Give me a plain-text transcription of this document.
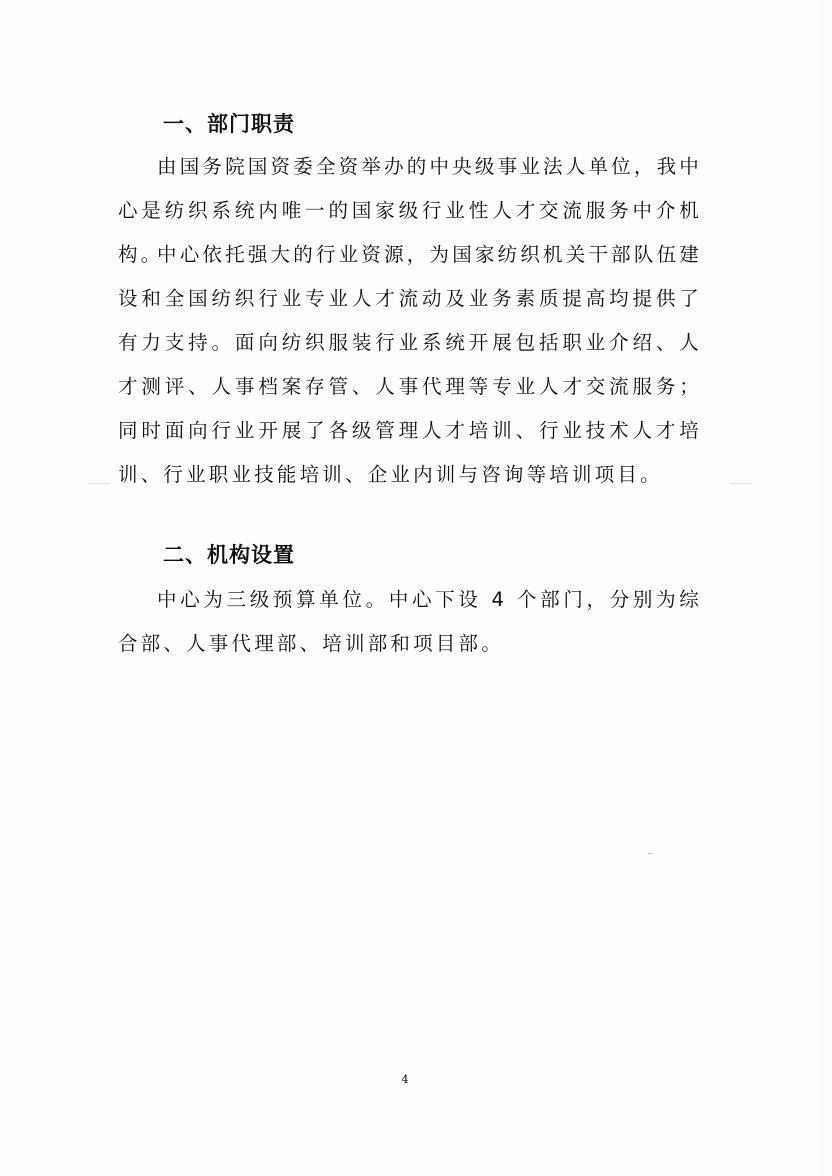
一、部门职责

由国务院国资委全资举办的中央级事业法人单位，我中心是纺织系统内唯一的国家级行业性人才交流服务中介机构。

中心依托强大的行业资源，为国家纺织机关干部队伍建设和全国纺织行业专业人才流动及业务素质提高均提供了有力支持。面向纺织服装行业系统开展包括职业介绍、人才测评、人事档案存管、人事代理等专业人才交流服务；同时面向行业开展了各级管理人才培训、行业技术人才培训、行业职业技能培训、企业内训与咨询等培训项目。

二、机构设置

中心为三级预算单位。中心下设 4 个部门，分别为综合部、人事代理部、培训部和项目部。

4
